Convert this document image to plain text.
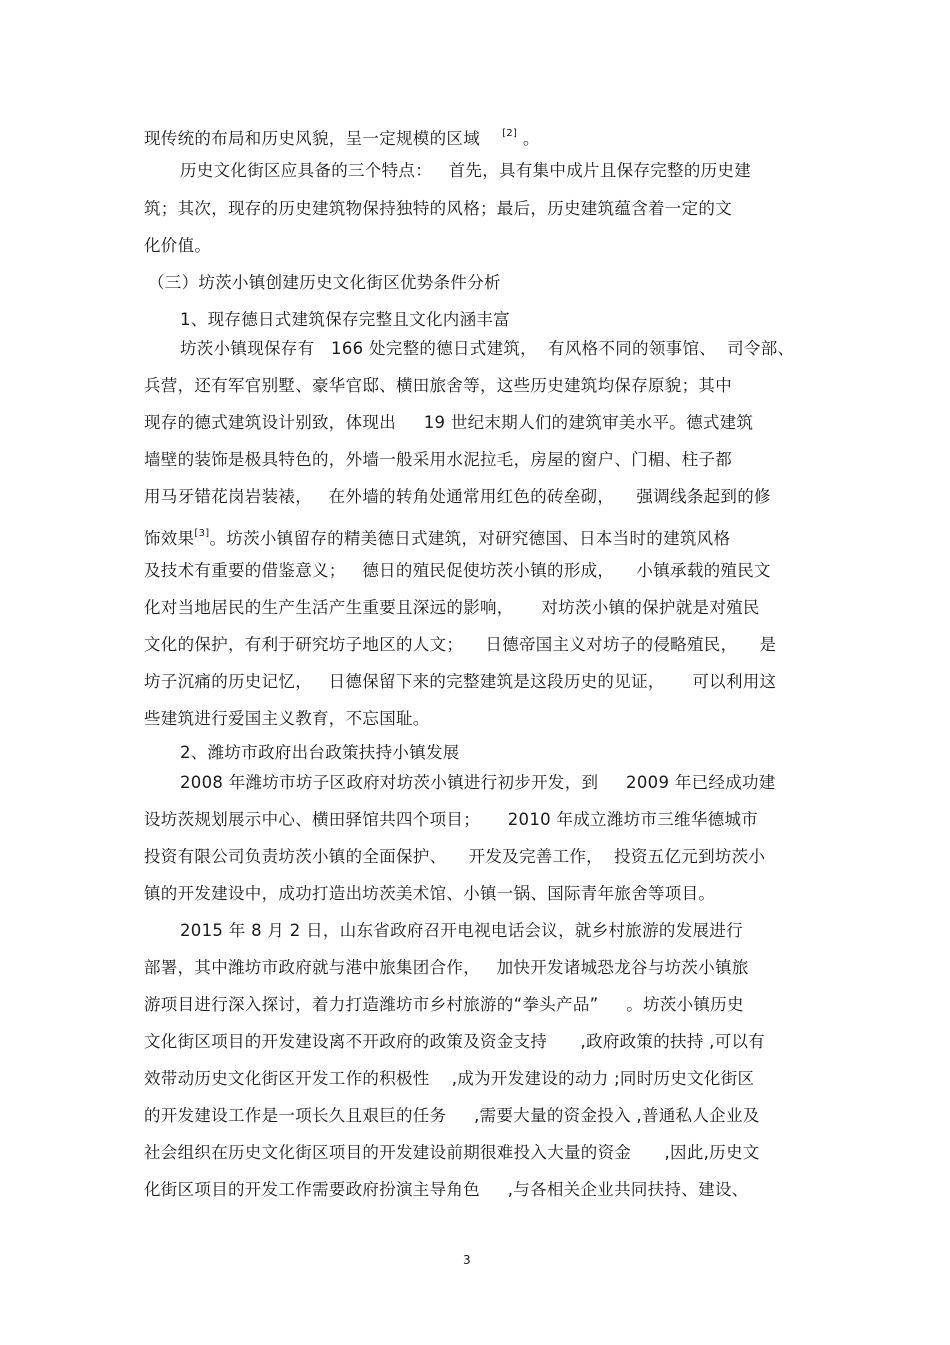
现传统的布局和历史风貌，呈一定规模的区域 [2] 。
历史文化街区应具备的三个特点：   首先，具有集中成片且保存完整的历史建
筑；其次，现存的历史建筑物保持独特的风格；最后，历史建筑蕴含着一定的文
化价值。
（三）坊茨小镇创建历史文化街区优势条件分析
1、现存德日式建筑保存完整且文化内涵丰富
坊茨小镇现保存有   166 处完整的德日式建筑，  有风格不同的领事馆、  司令部、
兵营，还有军官别墅、豪华官邸、横田旅舍等，这些历史建筑均保存原貌；其中
现存的德式建筑设计别致，体现出     19 世纪末期人们的建筑审美水平。德式建筑
墙壁的装饰是极具特色的，外墙一般采用水泥拉毛，房屋的窗户、门楣、柱子都
用马牙错花岗岩装裱，   在外墙的转角处通常用红色的砖垒砌，    强调线条起到的修
饰效果[3]。坊茨小镇留存的精美德日式建筑，对研究德国、日本当时的建筑风格
及技术有重要的借鉴意义；   德日的殖民促使坊茨小镇的形成，    小镇承载的殖民文
化对当地居民的生产生活产生重要且深远的影响，     对坊茨小镇的保护就是对殖民
文化的保护，有利于研究坊子地区的人文；    日德帝国主义对坊子的侵略殖民，    是
坊子沉痛的历史记忆，   日德保留下来的完整建筑是这段历史的见证，     可以利用这
些建筑进行爱国主义教育，不忘国耻。
2、潍坊市政府出台政策扶持小镇发展
2008 年潍坊市坊子区政府对坊茨小镇进行初步开发，到     2009 年已经成功建
设坊茨规划展示中心、横田驿馆共四个项目；     2010 年成立潍坊市三维华德城市
投资有限公司负责坊茨小镇的全面保护、    开发及完善工作，  投资五亿元到坊茨小
镇的开发建设中，成功打造出坊茨美术馆、小镇一锅、国际青年旅舍等项目。
2015 年 8 月 2 日，山东省政府召开电视电话会议，就乡村旅游的发展进行
部署，其中潍坊市政府就与港中旅集团合作，   加快开发诸城恐龙谷与坊茨小镇旅
游项目进行深入探讨，着力打造潍坊市乡村旅游的“拳头产品”     。坊茨小镇历史
文化街区项目的开发建设离不开政府的政策及资金支持      ,政府政策的扶持 ,可以有
效带动历史文化街区开发工作的积极性    ,成为开发建设的动力 ;同时历史文化街区
的开发建设工作是一项长久且艰巨的任务     ,需要大量的资金投入 ,普通私人企业及
社会组织在历史文化街区项目的开发建设前期很难投入大量的资金      ,因此,历史文
化街区项目的开发工作需要政府扮演主导角色     ,与各相关企业共同扶持、建设、
3
